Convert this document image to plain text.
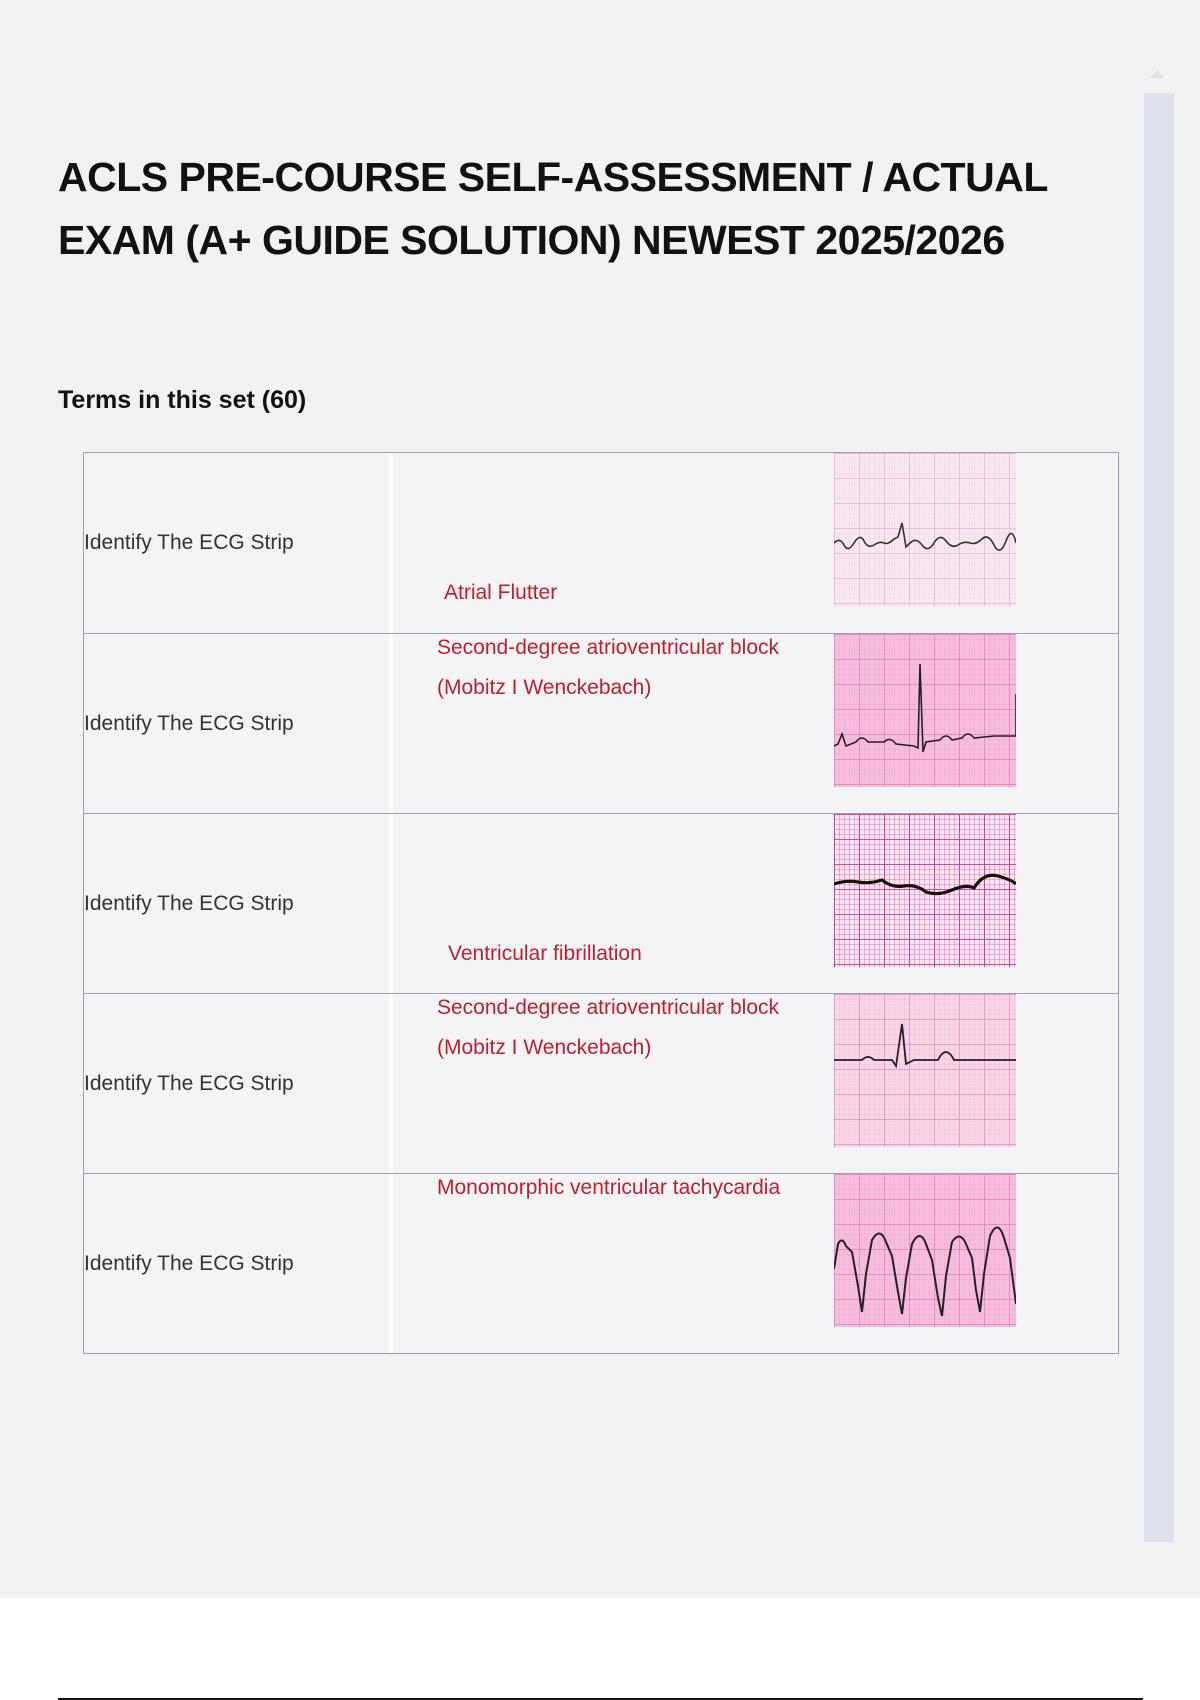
ACLS PRE-COURSE SELF-ASSESSMENT / ACTUAL EXAM (A+ GUIDE SOLUTION) NEWEST 2025/2026
Terms in this set (60)
Identify The ECG Strip
Atrial Flutter
Identify The ECG Strip
Second-degree atrioventricular block (Mobitz I Wenckebach)
Identify The ECG Strip
Ventricular fibrillation
Identify The ECG Strip
Second-degree atrioventricular block (Mobitz I Wenckebach)
Identify The ECG Strip
Monomorphic ventricular tachycardia
